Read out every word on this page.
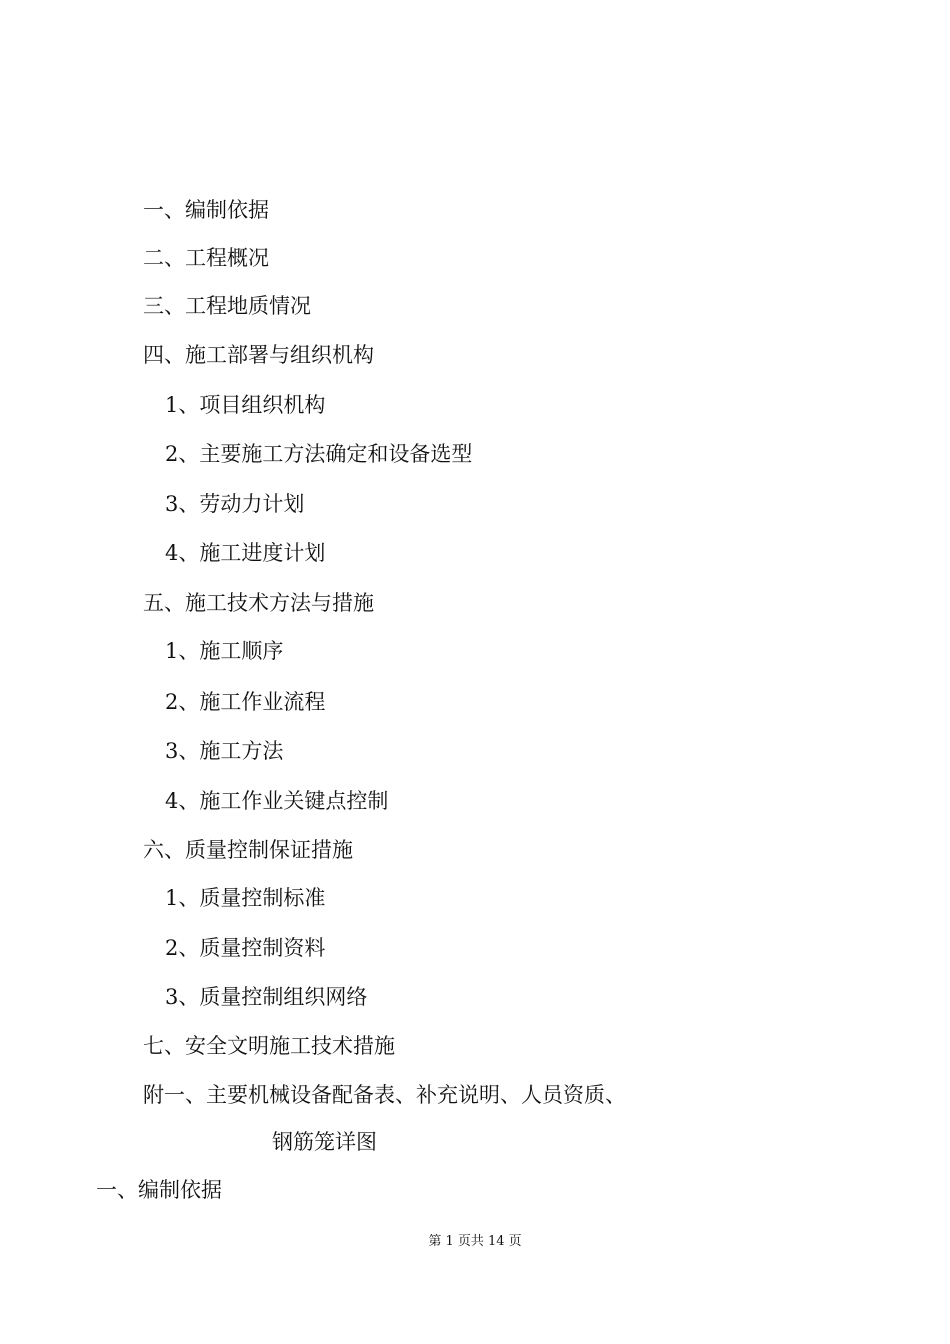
一、编制依据
二、工程概况
三、工程地质情况
四、施工部署与组织机构
1、项目组织机构
2、主要施工方法确定和设备选型
3、劳动力计划
4、施工进度计划
五、施工技术方法与措施
1、施工顺序
2、施工作业流程
3、施工方法
4、施工作业关键点控制
六、质量控制保证措施
1、质量控制标准
2、质量控制资料
3、质量控制组织网络
七、安全文明施工技术措施
附一、主要机械设备配备表、补充说明、人员资质、
钢筋笼详图
一、编制依据
第 1 页共 14 页
